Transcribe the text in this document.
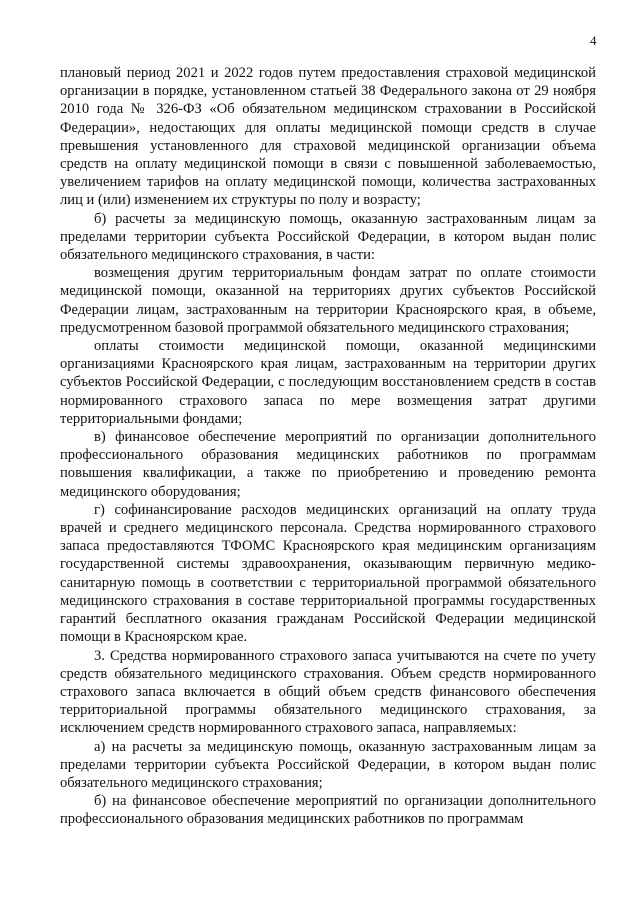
4

плановый период 2021 и 2022 годов путем предоставления страховой медицинской организации в порядке, установленном статьей 38 Федерального закона от 29 ноября 2010 года № 326-ФЗ «Об обязательном медицинском страховании в Российской Федерации», недостающих для оплаты медицинской помощи средств в случае превышения установленного для страховой медицинской организации объема средств на оплату медицинской помощи в связи с повышенной заболеваемостью, увеличением тарифов на оплату медицинской помощи, количества застрахованных лиц и (или) изменением их структуры по полу и возрасту;

б) расчеты за медицинскую помощь, оказанную застрахованным лицам за пределами территории субъекта Российской Федерации, в котором выдан полис обязательного медицинского страхования, в части:

возмещения другим территориальным фондам затрат по оплате стоимости медицинской помощи, оказанной на территориях других субъектов Российской Федерации лицам, застрахованным на территории Красноярского края, в объеме, предусмотренном базовой программой обязательного медицинского страхования;

оплаты стоимости медицинской помощи, оказанной медицинскими организациями Красноярского края лицам, застрахованным на территории других субъектов Российской Федерации, с последующим восстановлением средств в состав нормированного страхового запаса по мере возмещения затрат другими территориальными фондами;

в) финансовое обеспечение мероприятий по организации дополнительного профессионального образования медицинских работников по программам повышения квалификации, а также по приобретению и проведению ремонта медицинского оборудования;

г) софинансирование расходов медицинских организаций на оплату труда врачей и среднего медицинского персонала. Средства нормированного страхового запаса предоставляются ТФОМС Красноярского края медицинским организациям государственной системы здравоохранения, оказывающим первичную медико-санитарную помощь в соответствии с территориальной программой обязательного медицинского страхования в составе территориальной программы государственных гарантий бесплатного оказания гражданам Российской Федерации медицинской помощи в Красноярском крае.

3. Средства нормированного страхового запаса учитываются на счете по учету средств обязательного медицинского страхования. Объем средств нормированного страхового запаса включается в общий объем средств финансового обеспечения территориальной программы обязательного медицинского страхования, за исключением средств нормированного страхового запаса, направляемых:

а) на расчеты за медицинскую помощь, оказанную застрахованным лицам за пределами территории субъекта Российской Федерации, в котором выдан полис обязательного медицинского страхования;

б) на финансовое обеспечение мероприятий по организации дополнительного профессионального образования медицинских работников по программам
